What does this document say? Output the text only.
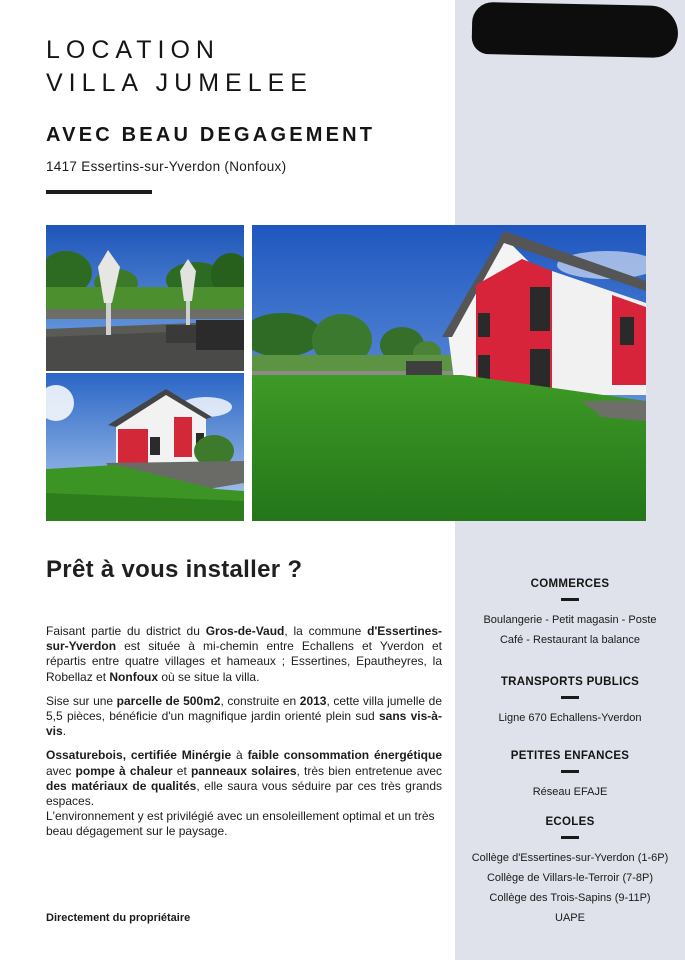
LOCATION
VILLA JUMELEE
AVEC BEAU DEGAGEMENT
1417 Essertins-sur-Yverdon (Nonfoux)
Prêt à vous installer ?

Faisant partie du district du Gros-de-Vaud, la commune d'Essertines- sur-Yverdon est située à mi-chemin entre Echallens et Yverdon et répartis entre quatre villages et hameaux ; Essertines, Epautheyres, la Robellaz et Nonfoux où se situe la villa.

Sise sur une parcelle de 500m2, construite en 2013, cette villa jumelle de 5,5 pièces, bénéficie d'un magnifique jardin orienté plein sud sans vis-à-vis.

Ossaturebois, certifiée Minérgie à faible consommation énergétique avec pompe à chaleur et panneaux solaires, très bien entretenue avec des matériaux de qualités, elle saura vous séduire par ces très grands espaces.

L'environnement y est privilégié avec un ensoleillement optimal et un très beau dégagement sur le paysage.

Directement du propriétaire
COMMERCES
Boulangerie - Petit magasin - Poste
Café - Restaurant la balance
TRANSPORTS PUBLICS
Ligne 670 Echallens-Yverdon
PETITES ENFANCES
Réseau EFAJE
ECOLES
Collège d'Essertines-sur-Yverdon (1-6P)
Collège de Villars-le-Terroir (7-8P)
Collège des Trois-Sapins (9-11P)
UAPE
